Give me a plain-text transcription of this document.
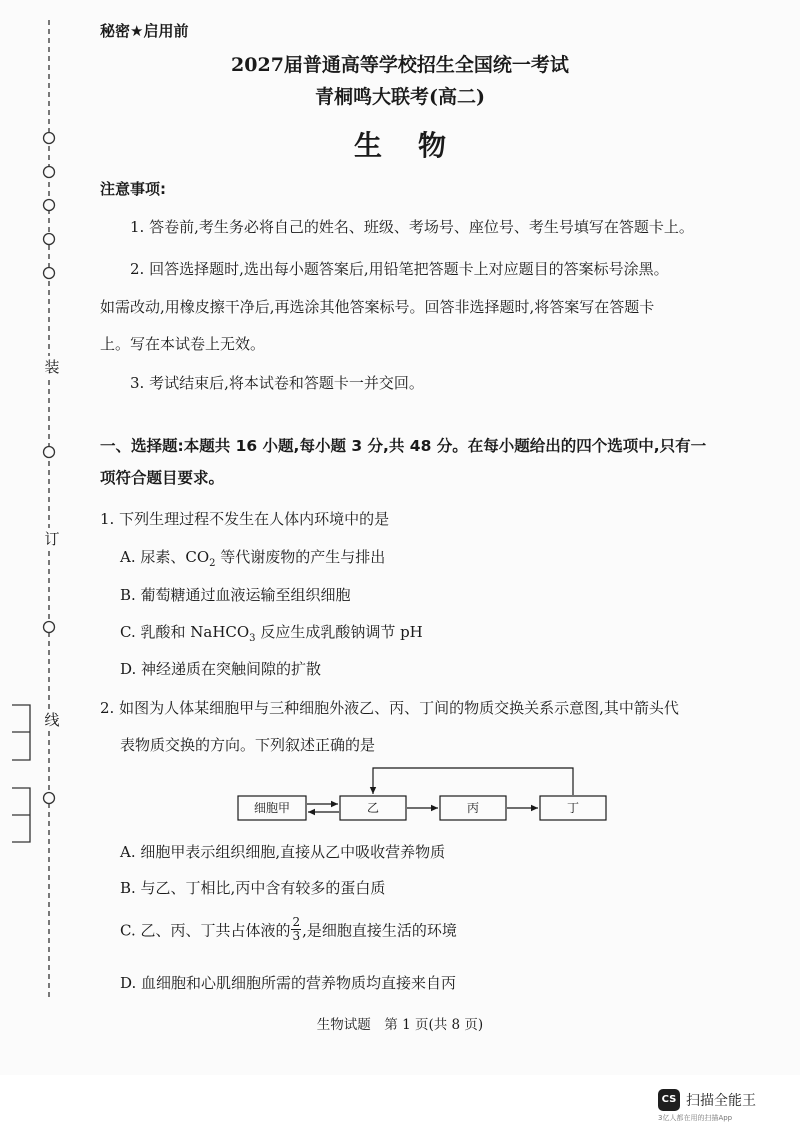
装
订
线
秘密★启用前
2027届普通高等学校招生全国统一考试
青桐鸣大联考(高二)
生物
注意事项:
1. 答卷前,考生务必将自己的姓名、班级、考场号、座位号、考生号填写在答题卡上。
2. 回答选择题时,选出每小题答案后,用铅笔把答题卡上对应题目的答案标号涂黑。
如需改动,用橡皮擦干净后,再选涂其他答案标号。回答非选择题时,将答案写在答题卡
上。写在本试卷上无效。
3. 考试结束后,将本试卷和答题卡一并交回。
一、选择题:本题共 16 小题,每小题 3 分,共 48 分。在每小题给出的四个选项中,只有一
项符合题目要求。
1. 下列生理过程不发生在人体内环境中的是
A. 尿素、$CO_2$ 等代谢废物的产生与排出
B. 葡萄糖通过血液运输至组织细胞
C. 乳酸和 NaHCO$_3$ 反应生成乳酸钠调节 pH
D. 神经递质在突触间隙的扩散
2. 如图为人体某细胞甲与三种细胞外液乙、丙、丁间的物质交换关系示意图,其中箭头代
表物质交换的方向。下列叙述正确的是
细胞甲	乙	丙	丁
A. 细胞甲表示组织细胞,直接从乙中吸收营养物质
B. 与乙、丁相比,丙中含有较多的蛋白质
C. 乙、丙、丁共占体液的 $\frac{2}{3}$ ,是细胞直接生活的环境
D. 血细胞和心肌细胞所需的营养物质均直接来自丙
生物试题　第 1 页(共 8 页)
CS 扫描全能王
3亿人都在用的扫描App
